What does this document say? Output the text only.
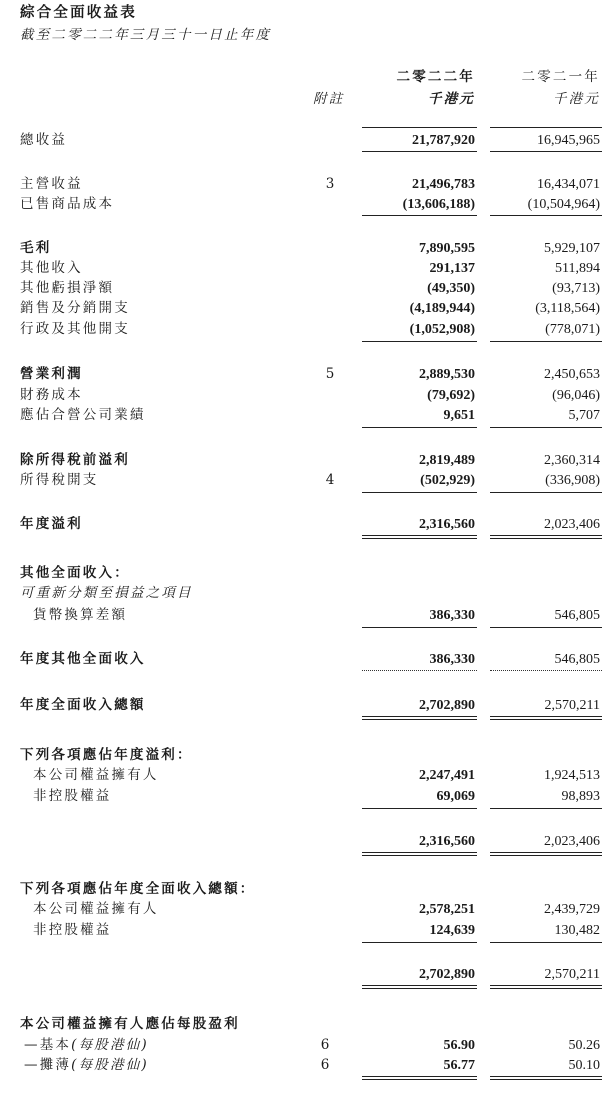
綜合全面收益表
截至二零二二年三月三十一日止年度
二零二二年	二零二一年
附註	千港元	千港元
總收益	21,787,920	16,945,965
主營收益	3	21,496,783	16,434,071
已售商品成本	(13,606,188)	(10,504,964)
毛利	7,890,595	5,929,107
其他收入	291,137	511,894
其他虧損淨額	(49,350)	(93,713)
銷售及分銷開支	(4,189,944)	(3,118,564)
行政及其他開支	(1,052,908)	(778,071)
營業利潤	5	2,889,530	2,450,653
財務成本	(79,692)	(96,046)
應佔合營公司業績	9,651	5,707
除所得稅前溢利	2,819,489	2,360,314
所得稅開支	4	(502,929)	(336,908)
年度溢利	2,316,560	2,023,406
其他全面收入：
可重新分類至損益之項目
貨幣換算差額	386,330	546,805
年度其他全面收入	386,330	546,805
年度全面收入總額	2,702,890	2,570,211
下列各項應佔年度溢利：
本公司權益擁有人	2,247,491	1,924,513
非控股權益	69,069	98,893
2,316,560	2,023,406
下列各項應佔年度全面收入總額：
本公司權益擁有人	2,578,251	2,439,729
非控股權益	124,639	130,482
2,702,890	2,570,211
本公司權益擁有人應佔每股盈利
—基本(每股港仙)	6	56.90	50.26
—攤薄(每股港仙)	6	56.77	50.10
